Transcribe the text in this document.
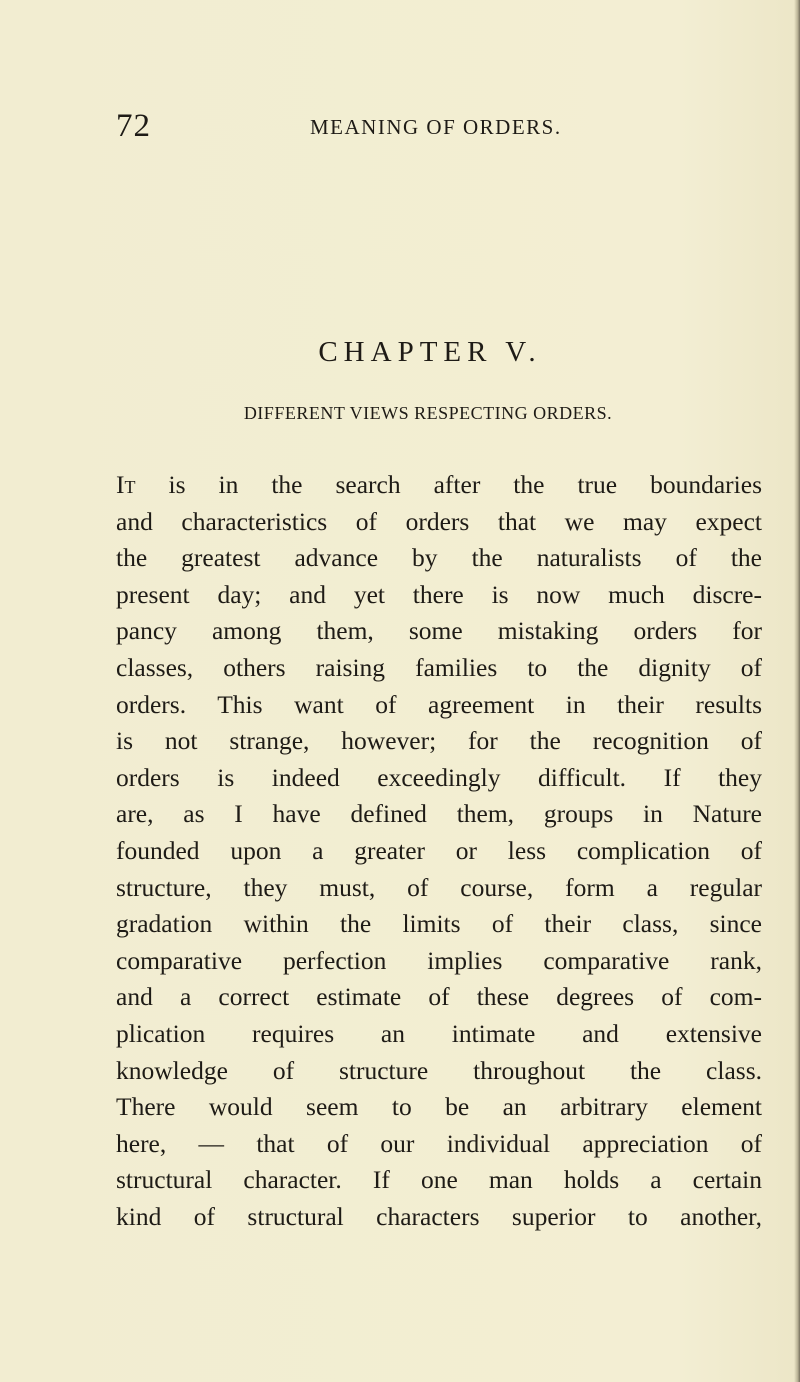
72	MEANING OF ORDERS.
CHAPTER V.
DIFFERENT VIEWS RESPECTING ORDERS.
It is in the search after the true boundaries
and characteristics of orders that we may expect
the greatest advance by the naturalists of the
present day; and yet there is now much discre-
pancy among them, some mistaking orders for
classes, others raising families to the dignity of
orders. This want of agreement in their results
is not strange, however; for the recognition of
orders is indeed exceedingly difficult. If they
are, as I have defined them, groups in Nature
founded upon a greater or less complication of
structure, they must, of course, form a regular
gradation within the limits of their class, since
comparative perfection implies comparative rank,
and a correct estimate of these degrees of com-
plication requires an intimate and extensive
knowledge of structure throughout the class.
There would seem to be an arbitrary element
here, — that of our individual appreciation of
structural character. If one man holds a certain
kind of structural characters superior to another,
